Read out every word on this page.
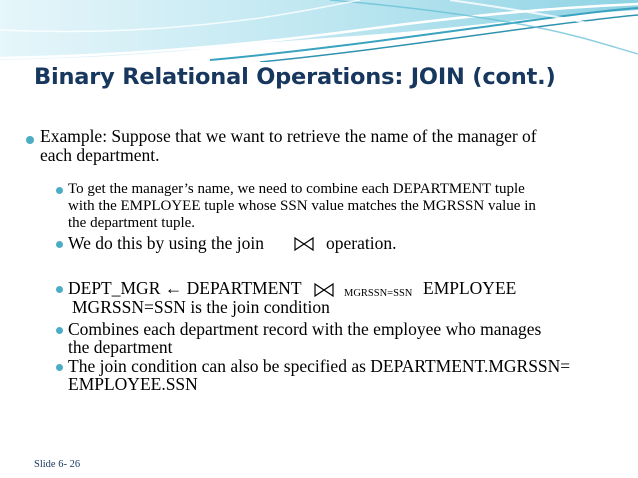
Binary Relational Operations: JOIN (cont.)

Example: Suppose that we want to retrieve the name of the manager of

each department.

To get the manager’s name, we need to combine each DEPARTMENT tuple

with the EMPLOYEE tuple whose SSN value matches the MGRSSN value in

the department tuple.

We do this by using the join	operation.

DEPT_MGR ← DEPARTMENT	MGRSSN=SSN EMPLOYEE

MGRSSN=SSN is the join condition

Combines each department record with the employee who manages

the department

The join condition can also be specified as DEPARTMENT.MGRSSN=

EMPLOYEE.SSN

Slide 6- 26
